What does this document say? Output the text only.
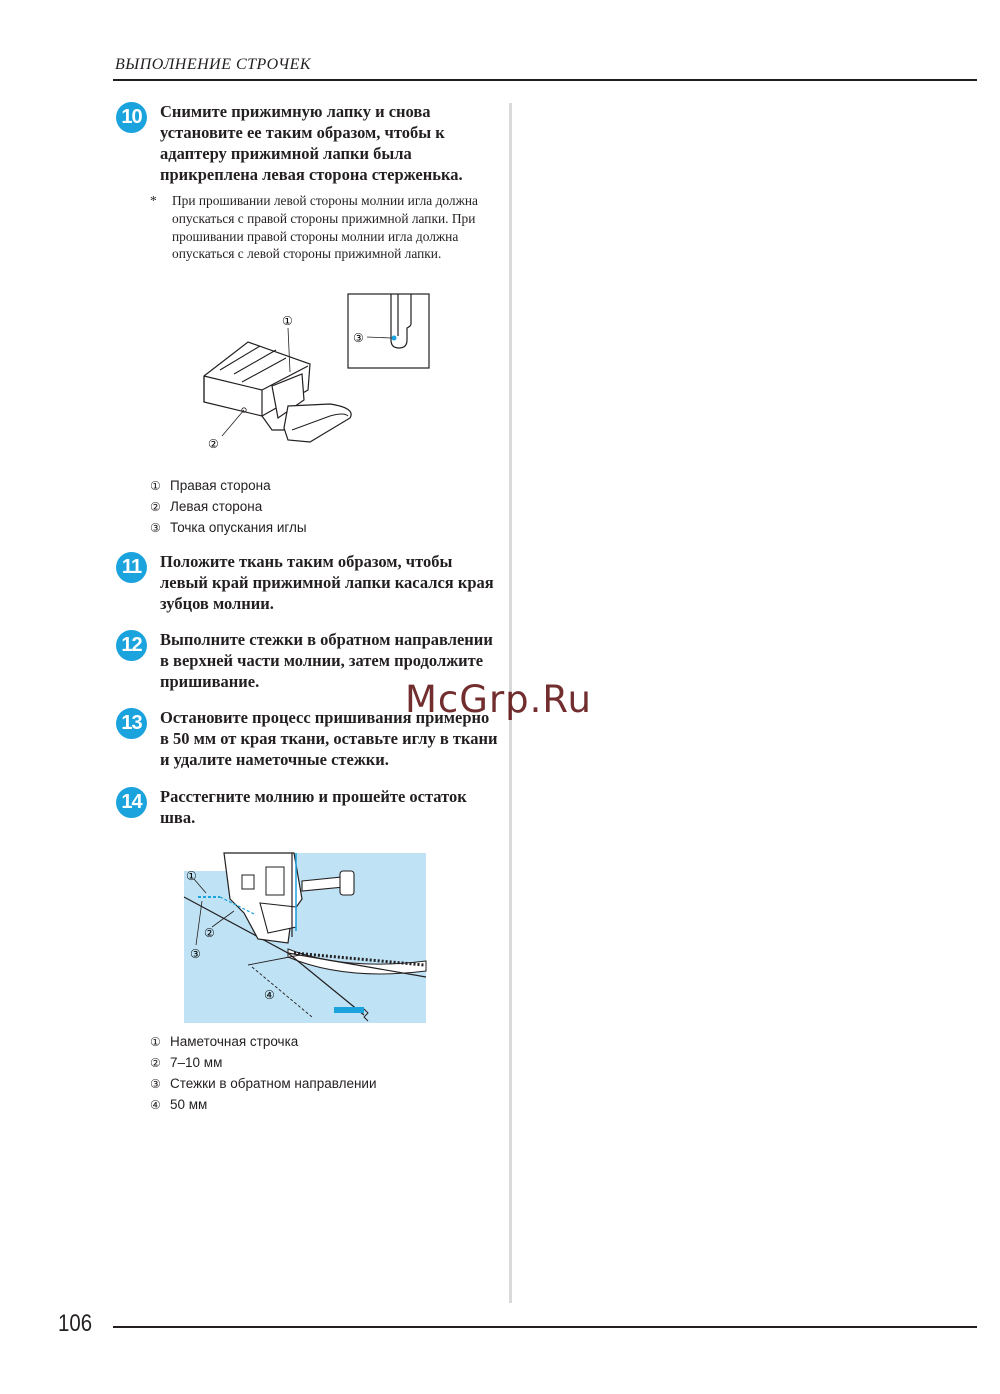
ВЫПОЛНЕНИЕ СТРОЧЕК
10	Снимите прижимную лапку и снова установите ее таким образом, чтобы к адаптеру прижимной лапки была прикреплена левая сторона стерженька.
*	При прошивании левой стороны молнии игла должна опускаться с правой стороны прижимной лапки. При прошивании правой стороны молнии игла должна опускаться с левой стороны прижимной лапки.
③
①
②
① Правая сторона
② Левая сторона
③ Точка опускания иглы
11	Положите ткань таким образом, чтобы левый край прижимной лапки касался края зубцов молнии.
12	Выполните стежки в обратном направлении в верхней части молнии, затем продолжите пришивание.
13	Остановите процесс пришивания примерно в 50 мм от края ткани, оставьте иглу в ткани и удалите наметочные стежки.
14	Расстегните молнию и прошейте остаток шва.
④
①
②
③
① Наметочная строчка
② 7–10 мм
③ Стежки в обратном направлении
④ 50 мм
McGrp.Ru
106
